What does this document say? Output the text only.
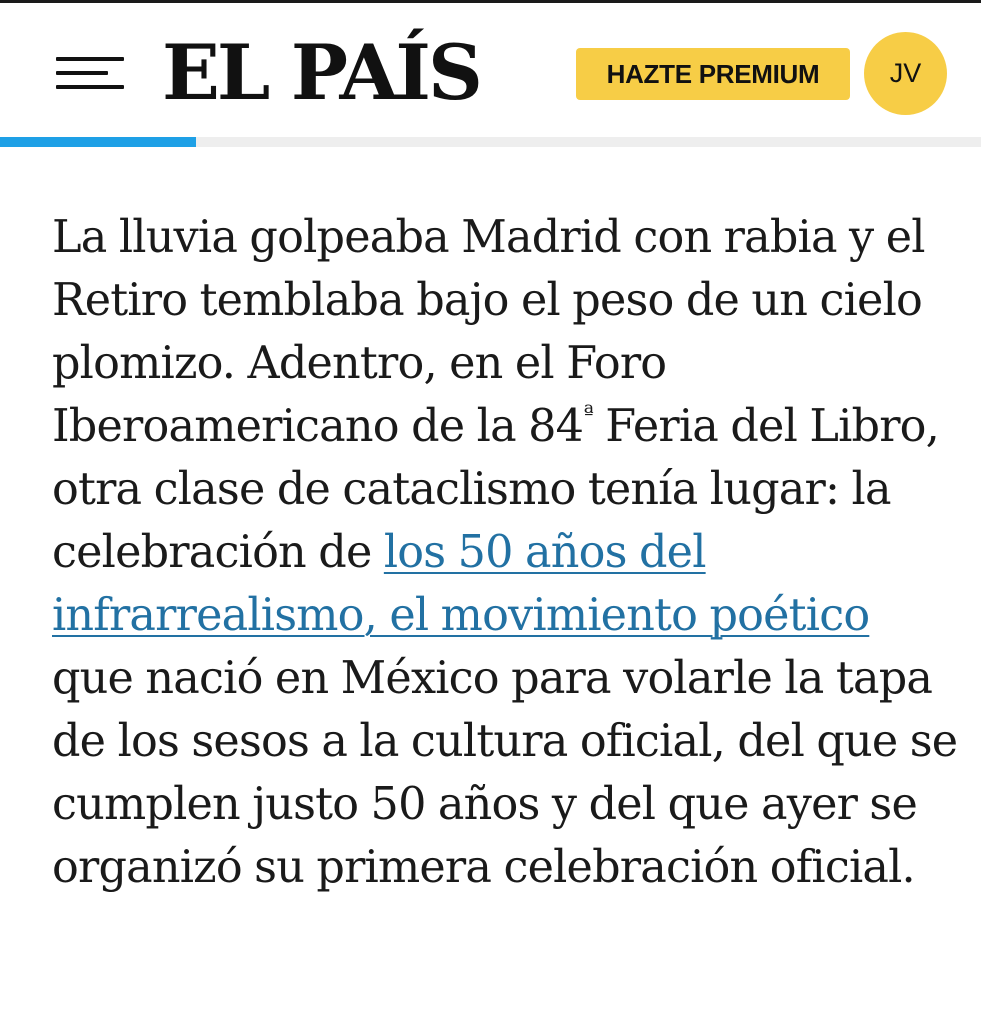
EL PAÍS	HAZTE PREMIUM	JV

La lluvia golpeaba Madrid con rabia y el Retiro temblaba bajo el peso de un cielo plomizo. Adentro, en el Foro Iberoamericano de la $84^ª$ Feria del Libro, otra clase de cataclismo tenía lugar: la celebración de los 50 años del infrarrealismo, el movimiento poético que nació en México para volarle la tapa de los sesos a la cultura oficial, del que se cumplen justo 50 años y del que ayer se organizó su primera celebración oficial.
